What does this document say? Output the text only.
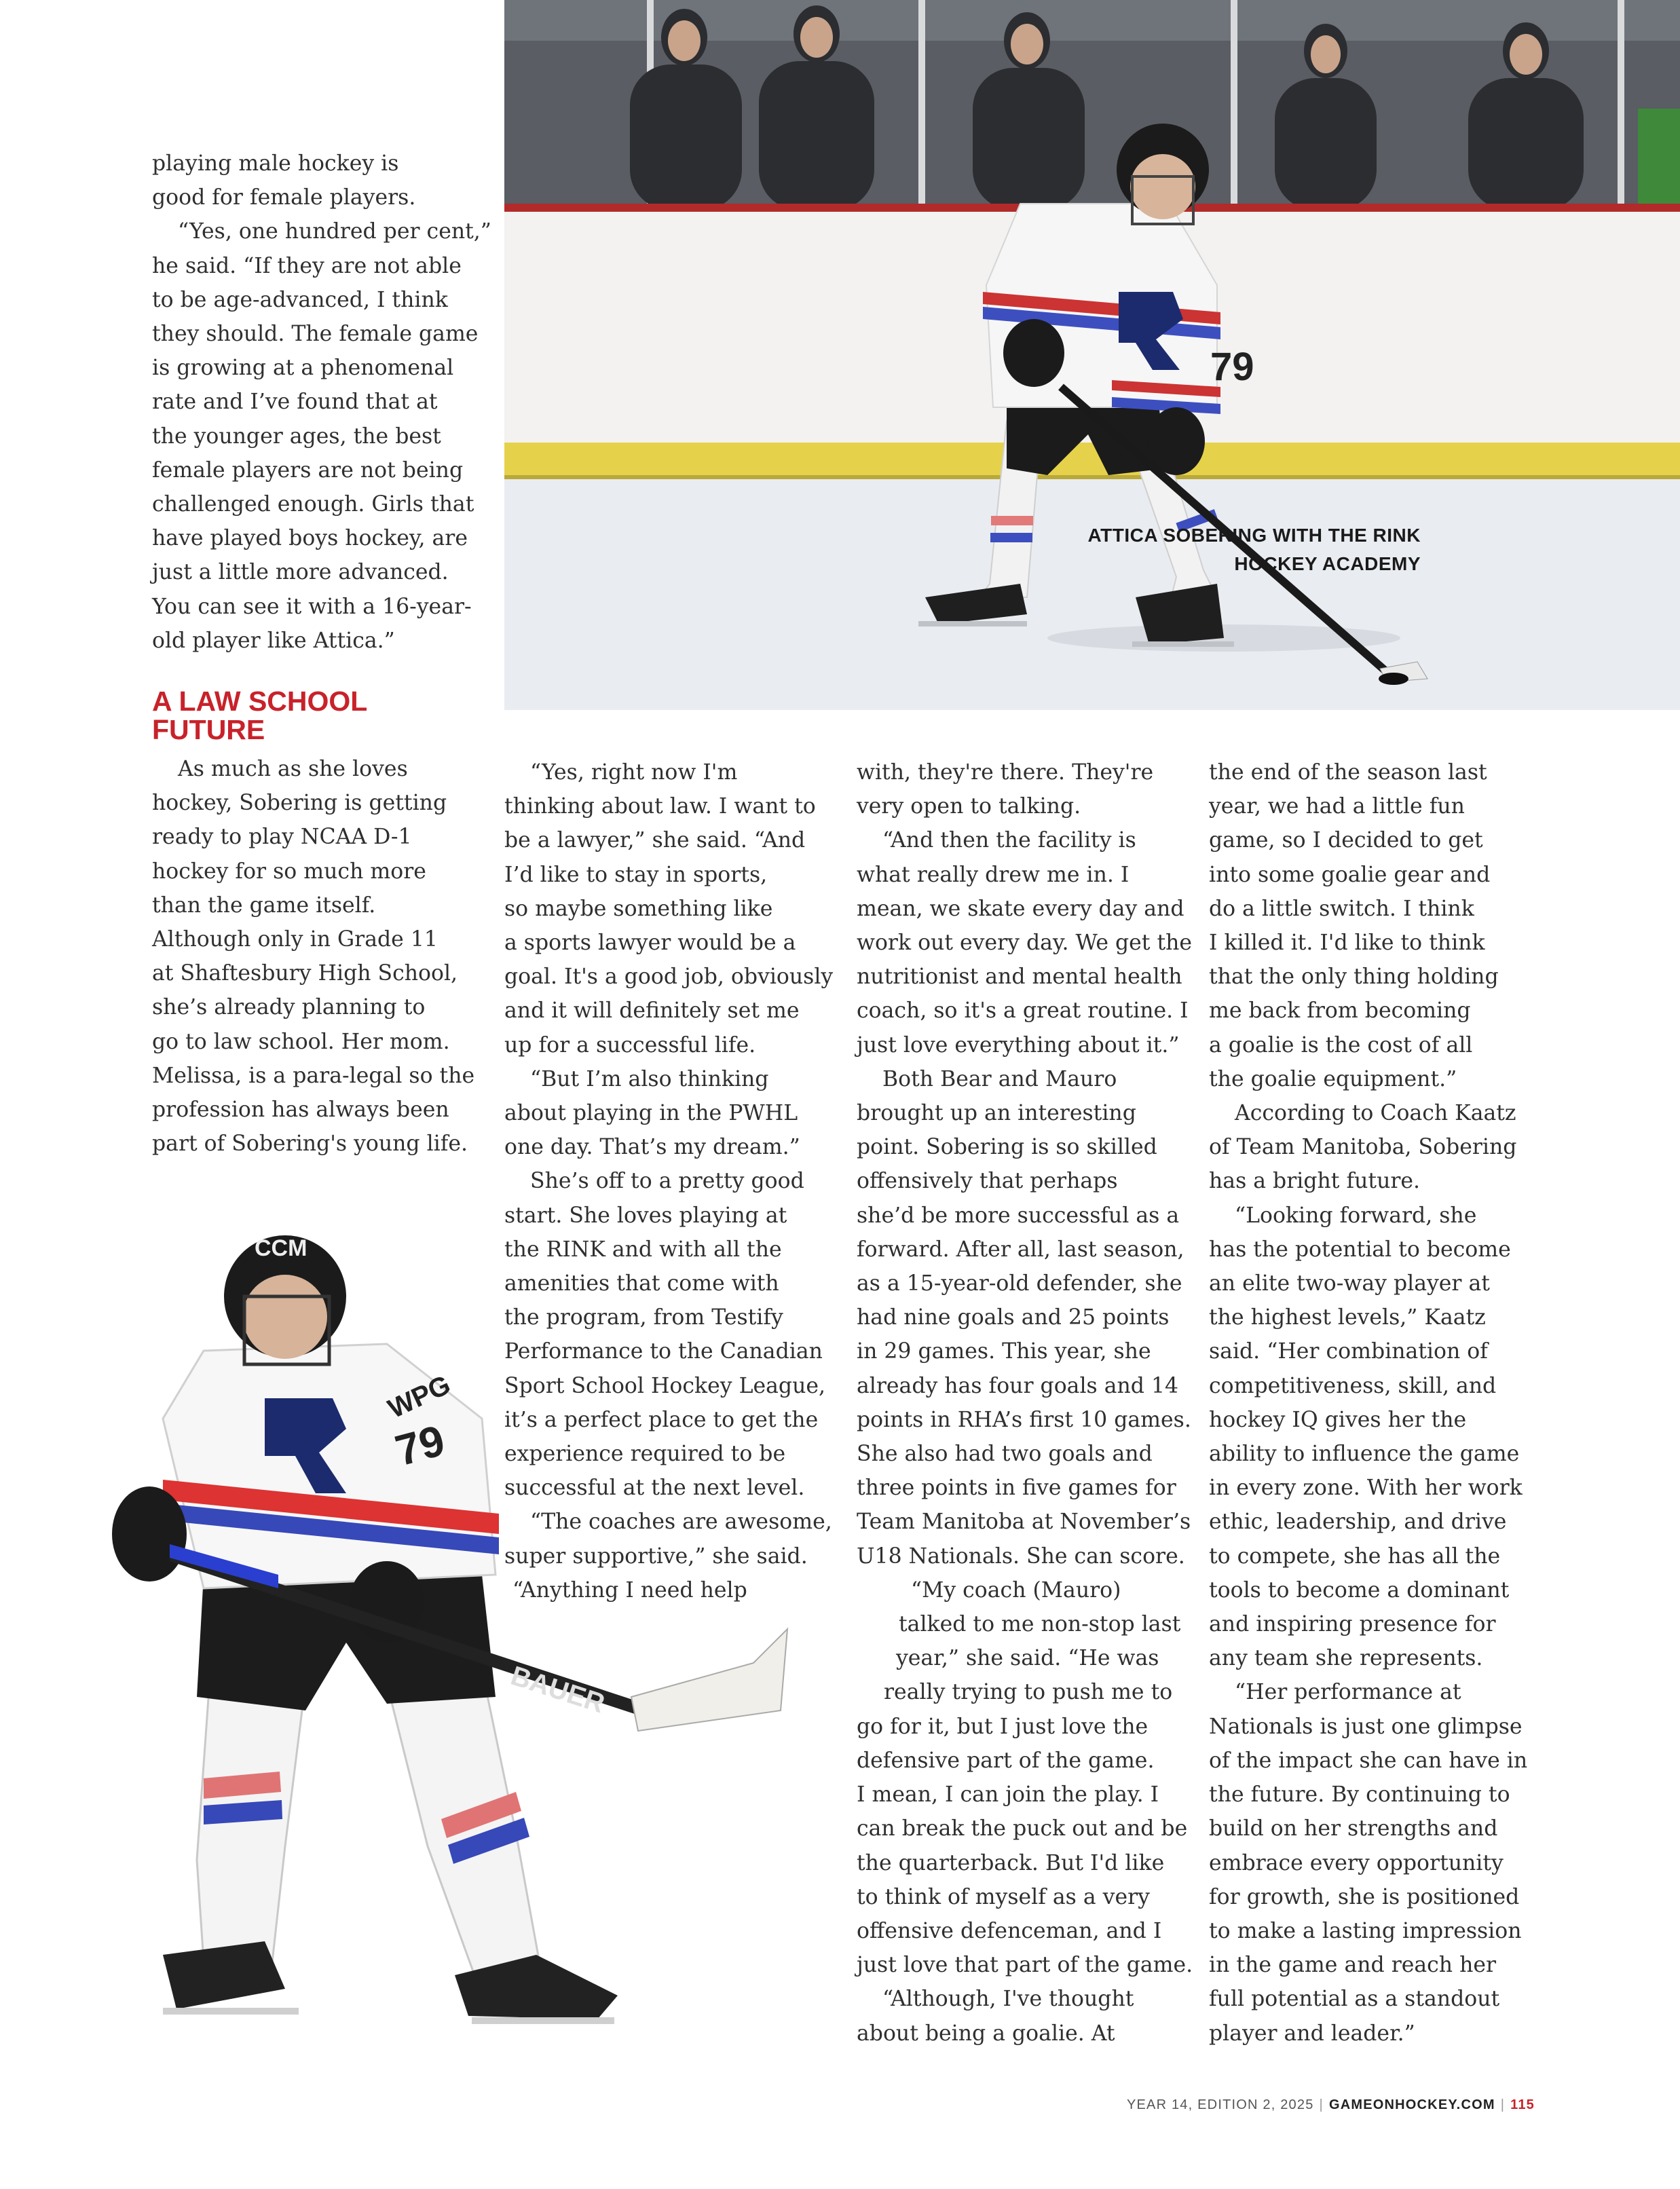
79
ATTICA SOBERING WITH THE RINK
HOCKEY ACADEMY
playing male hockey is
good for female players.
“Yes, one hundred per cent,”
he said. “If they are not able
to be age-advanced, I think
they should. The female game
is growing at a phenomenal
rate and I’ve found that at
the younger ages, the best
female players are not being
challenged enough. Girls that
have played boys hockey, are
just a little more advanced.
You can see it with a 16-year-
old player like Attica.”
A LAW SCHOOL
FUTURE
As much as she loves
hockey, Sobering is getting
ready to play NCAA D-1
hockey for so much more
than the game itself.
Although only in Grade 11
at Shaftesbury High School,
she’s already planning to
go to law school. Her mom.
Melissa, is a para-legal so the
profession has always been
part of Sobering's young life.
“Yes, right now I'm
thinking about law. I want to
be a lawyer,” she said. “And
I’d like to stay in sports,
so maybe something like
a sports lawyer would be a
goal. It's a good job, obviously
and it will definitely set me
up for a successful life.
“But I’m also thinking
about playing in the PWHL
one day. That’s my dream.”
She’s off to a pretty good
start. She loves playing at
the RINK and with all the
amenities that come with
the program, from Testify
Performance to the Canadian
Sport School Hockey League,
it’s a perfect place to get the
experience required to be
successful at the next level.
“The coaches are awesome,
super supportive,” she said.
“Anything I need help
with, they're there. They're
very open to talking.
“And then the facility is
what really drew me in. I
mean, we skate every day and
work out every day. We get the
nutritionist and mental health
coach, so it's a great routine. I
just love everything about it.”
Both Bear and Mauro
brought up an interesting
point. Sobering is so skilled
offensively that perhaps
she’d be more successful as a
forward. After all, last season,
as a 15-year-old defender, she
had nine goals and 25 points
in 29 games. This year, she
already has four goals and 14
points in RHA’s first 10 games.
She also had two goals and
three points in five games for
Team Manitoba at November’s
U18 Nationals. She can score.
“My coach (Mauro)
talked to me non-stop last
year,” she said. “He was
really trying to push me to
go for it, but I just love the
defensive part of the game.
I mean, I can join the play. I
can break the puck out and be
the quarterback. But I'd like
to think of myself as a very
offensive defenceman, and I
just love that part of the game.
“Although, I've thought
about being a goalie. At
the end of the season last
year, we had a little fun
game, so I decided to get
into some goalie gear and
do a little switch. I think
I killed it. I'd like to think
that the only thing holding
me back from becoming
a goalie is the cost of all
the goalie equipment.”
According to Coach Kaatz
of Team Manitoba, Sobering
has a bright future.
“Looking forward, she
has the potential to become
an elite two-way player at
the highest levels,” Kaatz
said. “Her combination of
competitiveness, skill, and
hockey IQ gives her the
ability to influence the game
in every zone. With her work
ethic, leadership, and drive
to compete, she has all the
tools to become a dominant
and inspiring presence for
any team she represents.
“Her performance at
Nationals is just one glimpse
of the impact she can have in
the future. By continuing to
build on her strengths and
embrace every opportunity
for growth, she is positioned
to make a lasting impression
in the game and reach her
full potential as a standout
player and leader.”
79
WPG
BAUER
CCM
YEAR 14, EDITION 2, 2025 | GAMEONHOCKEY.COM | 115
